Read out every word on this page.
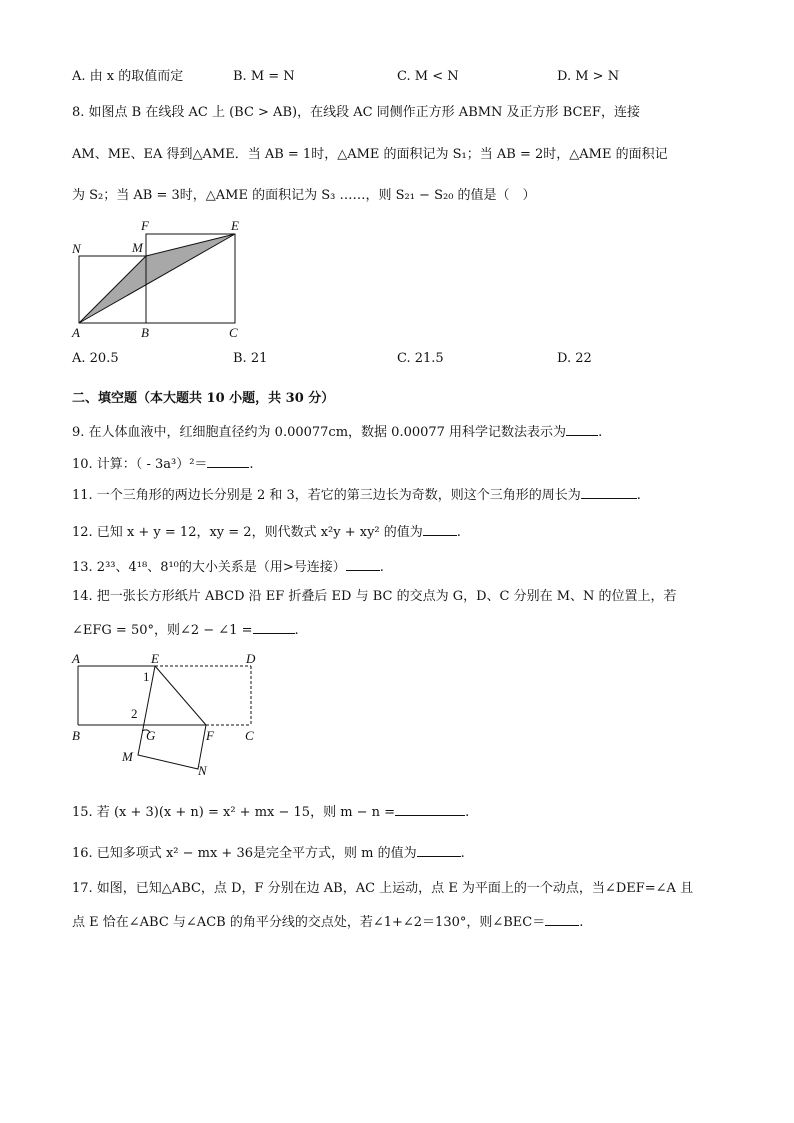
A. 由 x 的取值而定	B. M = N	C. M < N	D. M > N
8. 如图点 B 在线段 AC 上 (BC > AB)，在线段 AC 同侧作正方形 ABMN 及正方形 BCEF，连接
AM、ME、EA 得到△AME．当 AB = 1时，△AME 的面积记为 S₁；当 AB = 2时，△AME 的面积记
为 S₂；当 AB = 3时，△AME 的面积记为 S₃ ……，则 S₂₁ − S₂₀ 的值是（　）
N	M
F	E
A	B	C
A. 20.5	B. 21	C. 21.5	D. 22
二、填空题（本大题共 10 小题，共 30 分）
9. 在人体血液中，红细胞直径约为 0.00077cm，数据 0.00077 用科学记数法表示为 .
10. 计算：（ - 3a³）²＝	.
11. 一个三角形的两边长分别是 2 和 3，若它的第三边长为奇数，则这个三角形的周长为	.
12. 已知 x + y = 12，xy = 2，则代数式 x²y + xy² 的值为	.
13. 2³³、4¹⁸、8¹⁰的大小关系是（用>号连接）	.
14. 把一张长方形纸片 ABCD 沿 EF 折叠后 ED 与 BC 的交点为 G，D、C 分别在 M、N 的位置上，若
∠EFG = 50°，则∠2 − ∠1 =	.
A	E	D
B	G	F C
M
N
1
2
15. 若 (x + 3)(x + n) = x² + mx − 15，则 m − n =	.
16. 已知多项式 x² − mx + 36是完全平方式，则 m 的值为	.
17. 如图，已知△ABC，点 D，F 分别在边 AB，AC 上运动，点 E 为平面上的一个动点，当∠DEF=∠A 且
点 E 恰在∠ABC 与∠ACB 的角平分线的交点处，若∠1+∠2＝130°，则∠BEC＝	.
